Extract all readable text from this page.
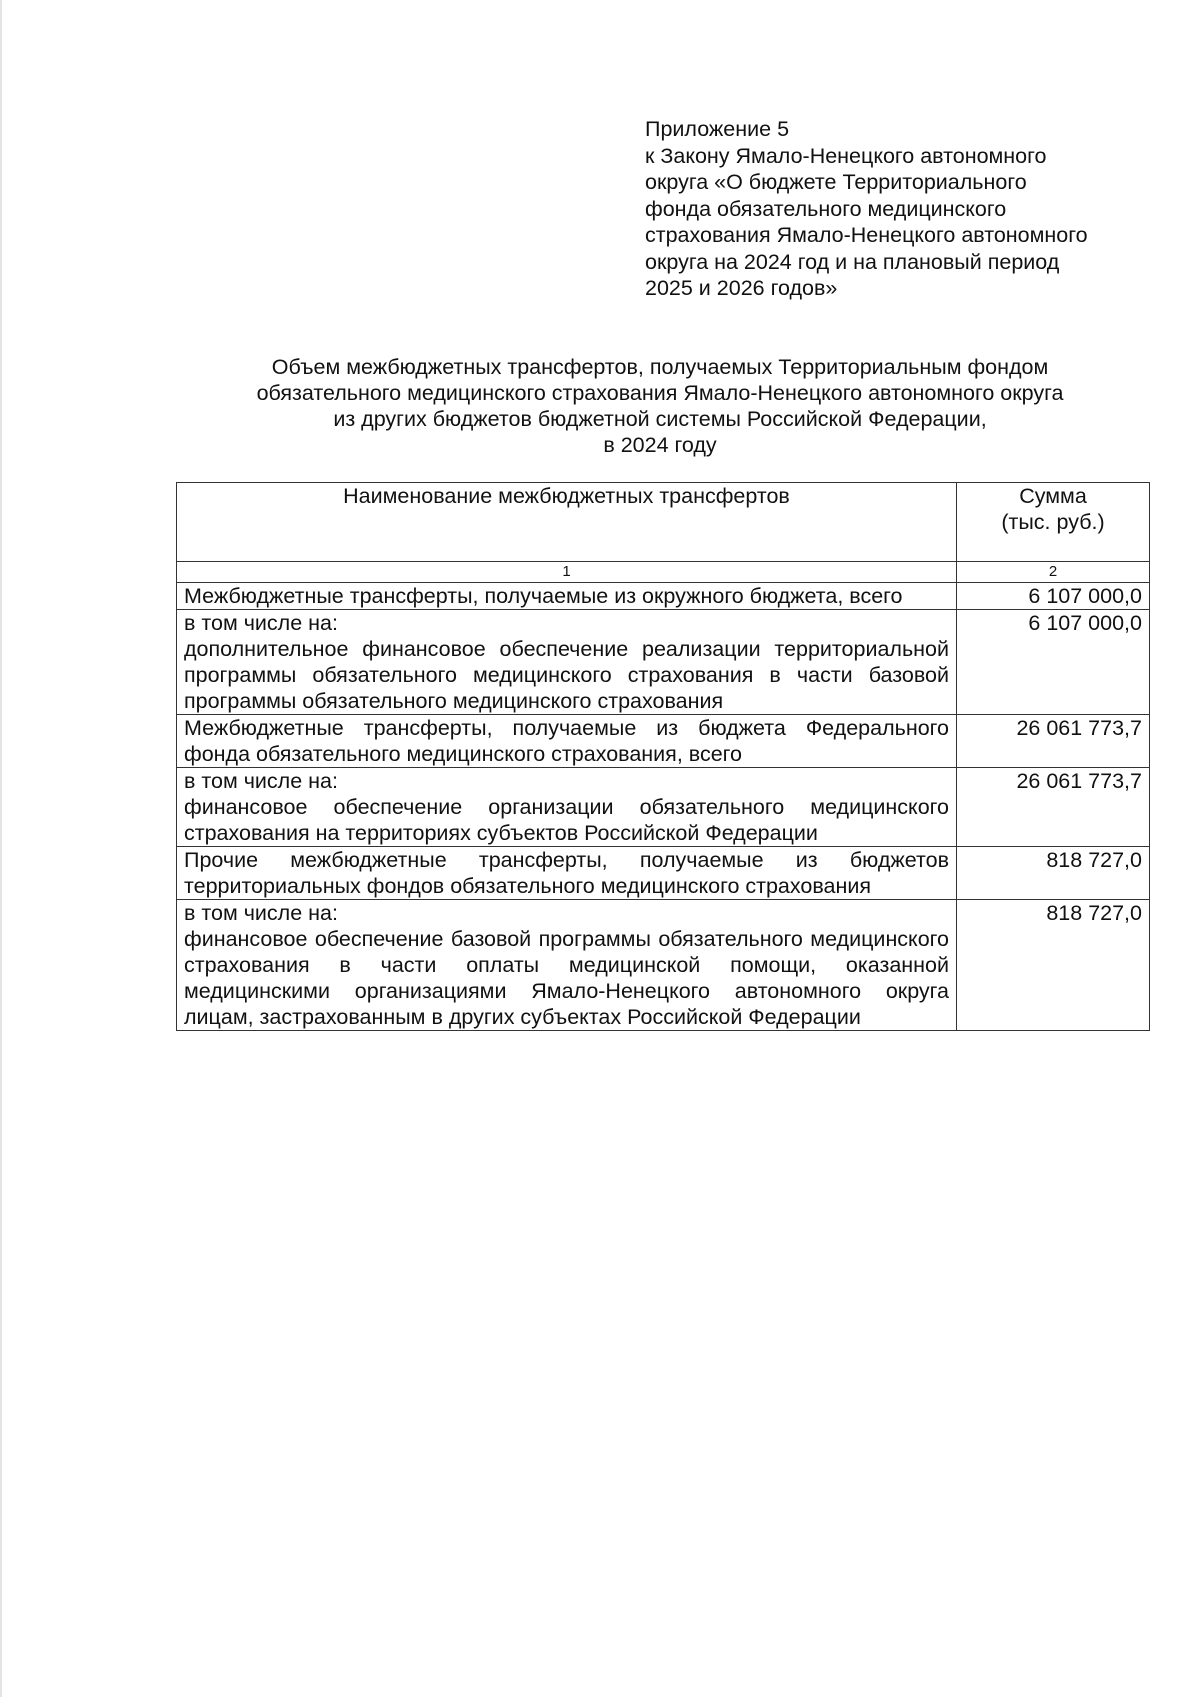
Приложение 5
к Закону Ямало-Ненецкого автономного
округа «О бюджете Территориального
фонда обязательного медицинского
страхования Ямало-Ненецкого автономного
округа на 2024 год и на плановый период
2025 и 2026 годов»
Объем межбюджетных трансфертов, получаемых Территориальным фондом
обязательного медицинского страхования Ямало-Ненецкого автономного округа
из других бюджетов бюджетной системы Российской Федерации,
в 2024 году
Наименование межбюджетных трансфертов	Сумма
(тыс. руб.)

1	2
Межбюджетные трансферты, получаемые из окружного бюджета, всего	6 107 000,0

в том числе на:
дополнительное финансовое обеспечение реализации территориальной программы обязательного медицинского страхования в части базовой программы обязательного медицинского страхования	6 107 000,0
Межбюджетные трансферты, получаемые из бюджета Федерального фонда обязательного медицинского страхования, всего	26 061 773,7

в том числе на:
финансовое обеспечение организации обязательного медицинского страхования на территориях субъектов Российской Федерации	26 061 773,7
Прочие межбюджетные трансферты, получаемые из бюджетов территориальных фондов обязательного медицинского страхования	818 727,0

в том числе на:
финансовое обеспечение базовой программы обязательного медицинского страхования в части оплаты медицинской помощи, оказанной медицинскими организациями Ямало-Ненецкого автономного округа лицам, застрахованным в других субъектах Российской Федерации	818 727,0
